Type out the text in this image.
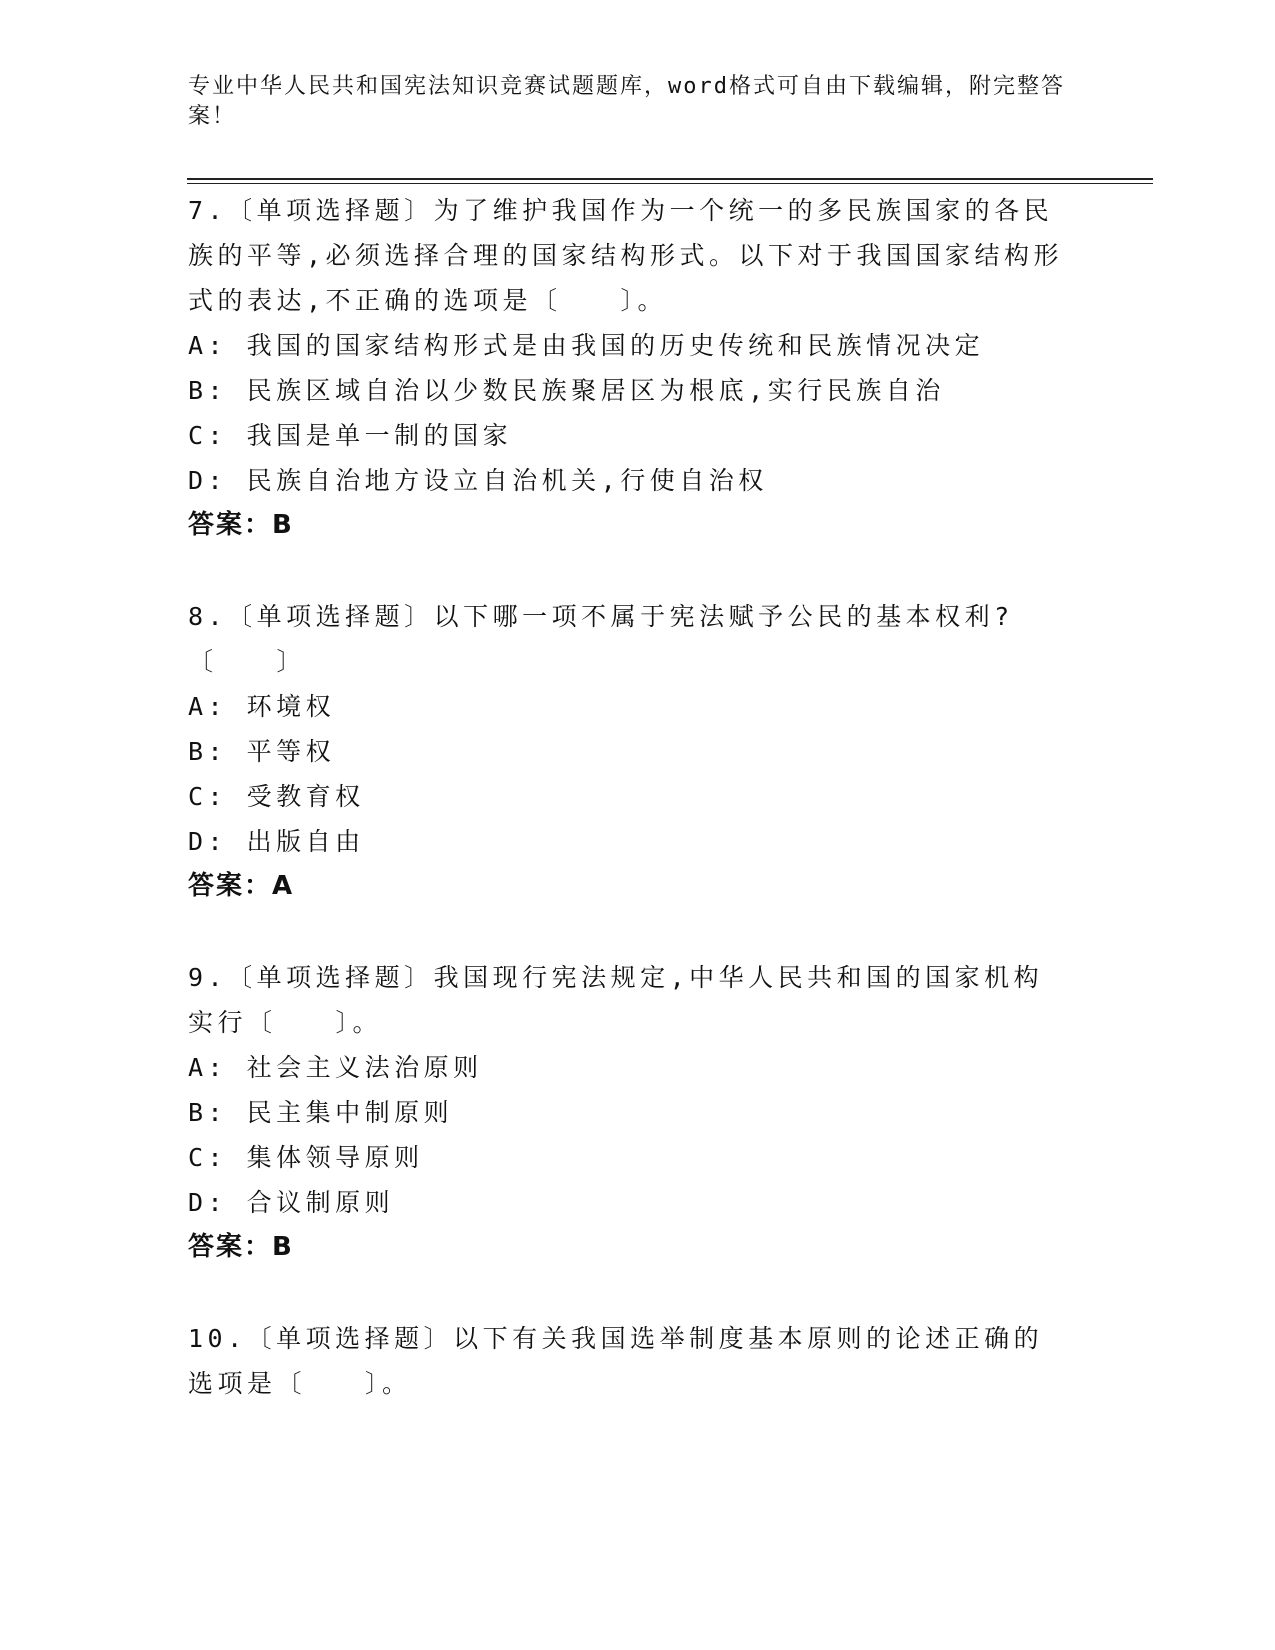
专业中华人民共和国宪法知识竞赛试题题库，word格式可自由下载编辑，附完整答案！

7.〔单项选择题〕为了维护我国作为一个统一的多民族国家的各民族的平等,必须选择合理的国家结构形式。以下对于我国国家结构形式的表达,不正确的选项是〔　　〕。

A: 我国的国家结构形式是由我国的历史传统和民族情况决定

B: 民族区域自治以少数民族聚居区为根底,实行民族自治

C: 我国是单一制的国家

D: 民族自治地方设立自治机关,行使自治权

答案：B

8.〔单项选择题〕以下哪一项不属于宪法赋予公民的基本权利?〔　　〕

A: 环境权

B: 平等权

C: 受教育权

D: 出版自由

答案：A

9.〔单项选择题〕我国现行宪法规定,中华人民共和国的国家机构实行〔　　〕。

A: 社会主义法治原则

B: 民主集中制原则

C: 集体领导原则

D: 合议制原则

答案：B

10.〔单项选择题〕以下有关我国选举制度基本原则的论述正确的选项是〔　　〕。
